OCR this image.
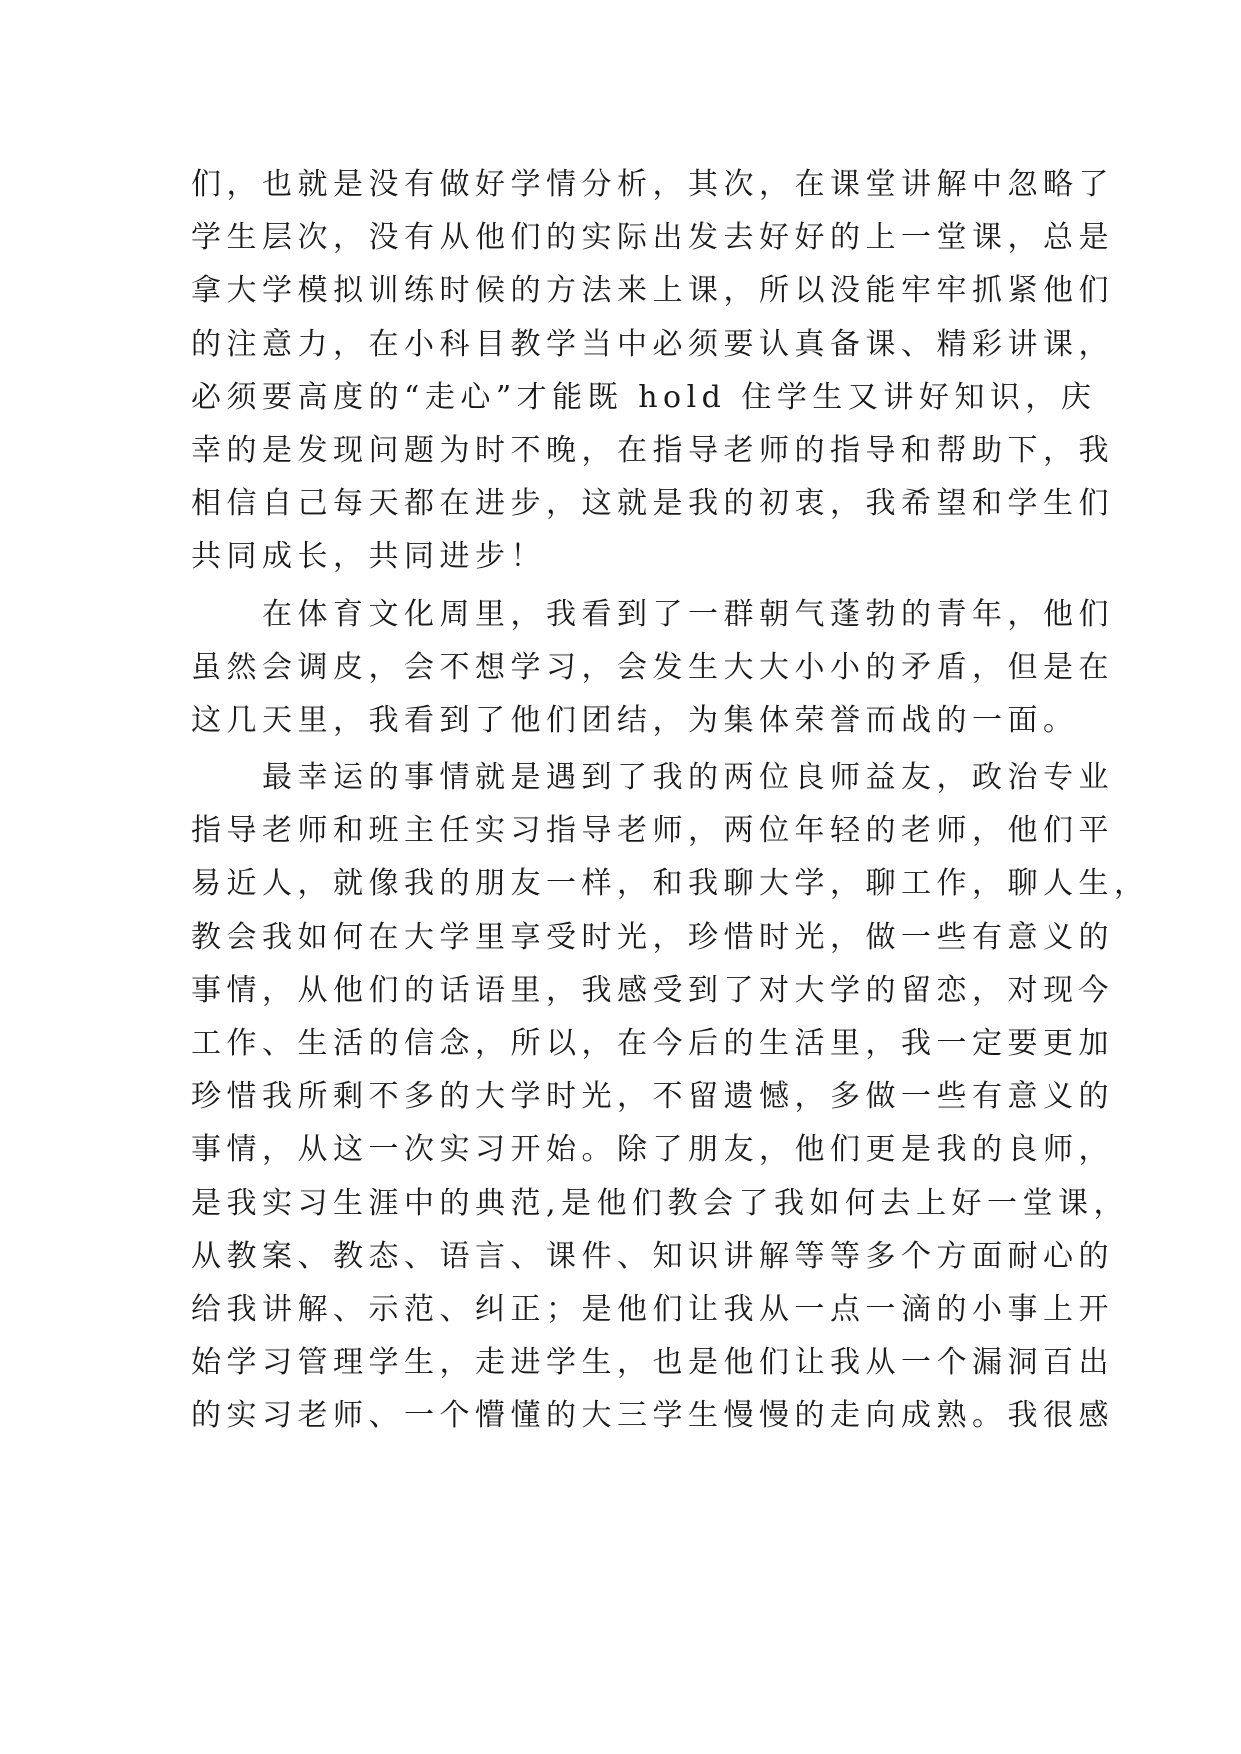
们，也就是没有做好学情分析，其次，在课堂讲解中忽略了
学生层次，没有从他们的实际出发去好好的上一堂课，总是
拿大学模拟训练时候的方法来上课，所以没能牢牢抓紧他们
的注意力，在小科目教学当中必须要认真备课、精彩讲课，
必须要高度的“走心”才能既 hold 住学生又讲好知识，庆
幸的是发现问题为时不晚，在指导老师的指导和帮助下，我
相信自己每天都在进步，这就是我的初衷，我希望和学生们
共同成长，共同进步！
在体育文化周里，我看到了一群朝气蓬勃的青年，他们
虽然会调皮，会不想学习，会发生大大小小的矛盾，但是在
这几天里，我看到了他们团结，为集体荣誉而战的一面。
最幸运的事情就是遇到了我的两位良师益友，政治专业
指导老师和班主任实习指导老师，两位年轻的老师，他们平
易近人，就像我的朋友一样，和我聊大学，聊工作，聊人生，
教会我如何在大学里享受时光，珍惜时光，做一些有意义的
事情，从他们的话语里，我感受到了对大学的留恋，对现今
工作、生活的信念，所以，在今后的生活里，我一定要更加
珍惜我所剩不多的大学时光，不留遗憾，多做一些有意义的
事情，从这一次实习开始。除了朋友，他们更是我的良师，
是我实习生涯中的典范,是他们教会了我如何去上好一堂课，
从教案、教态、语言、课件、知识讲解等等多个方面耐心的
给我讲解、示范、纠正；是他们让我从一点一滴的小事上开
始学习管理学生，走进学生，也是他们让我从一个漏洞百出
的实习老师、一个懵懂的大三学生慢慢的走向成熟。我很感
